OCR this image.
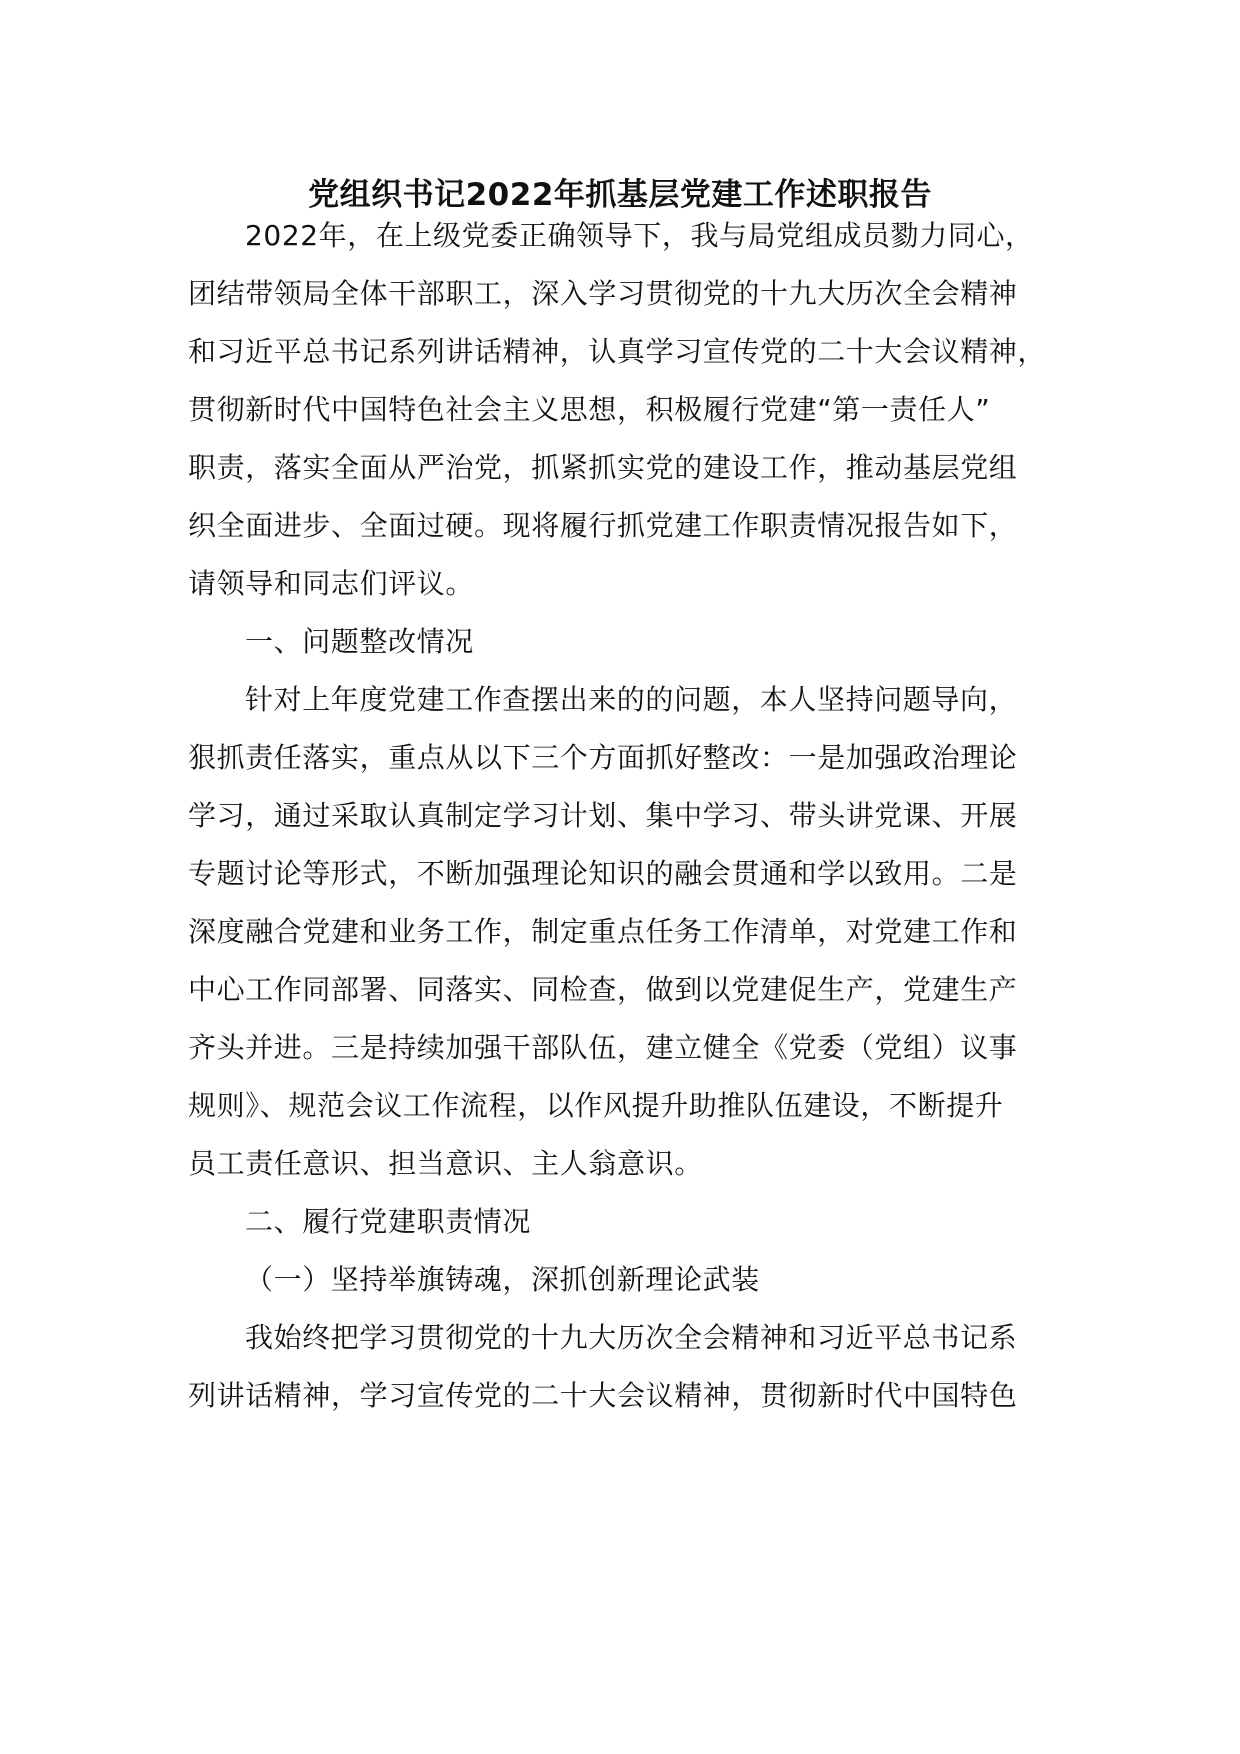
党组织书记2022年抓基层党建工作述职报告
2022年，在上级党委正确领导下，我与局党组成员勠力同心，
团结带领局全体干部职工，深入学习贯彻党的十九大历次全会精神
和习近平总书记系列讲话精神，认真学习宣传党的二十大会议精神，
贯彻新时代中国特色社会主义思想，积极履行党建“第一责任人”
职责，落实全面从严治党，抓紧抓实党的建设工作，推动基层党组
织全面进步、全面过硬。现将履行抓党建工作职责情况报告如下，
请领导和同志们评议。
一、问题整改情况
针对上年度党建工作查摆出来的的问题，本人坚持问题导向，
狠抓责任落实，重点从以下三个方面抓好整改：一是加强政治理论
学习，通过采取认真制定学习计划、集中学习、带头讲党课、开展
专题讨论等形式，不断加强理论知识的融会贯通和学以致用。二是
深度融合党建和业务工作，制定重点任务工作清单，对党建工作和
中心工作同部署、同落实、同检查，做到以党建促生产，党建生产
齐头并进。三是持续加强干部队伍，建立健全《党委（党组）议事
规则》、规范会议工作流程，以作风提升助推队伍建设，不断提升
员工责任意识、担当意识、主人翁意识。
二、履行党建职责情况
（一）坚持举旗铸魂，深抓创新理论武装
我始终把学习贯彻党的十九大历次全会精神和习近平总书记系
列讲话精神，学习宣传党的二十大会议精神，贯彻新时代中国特色
